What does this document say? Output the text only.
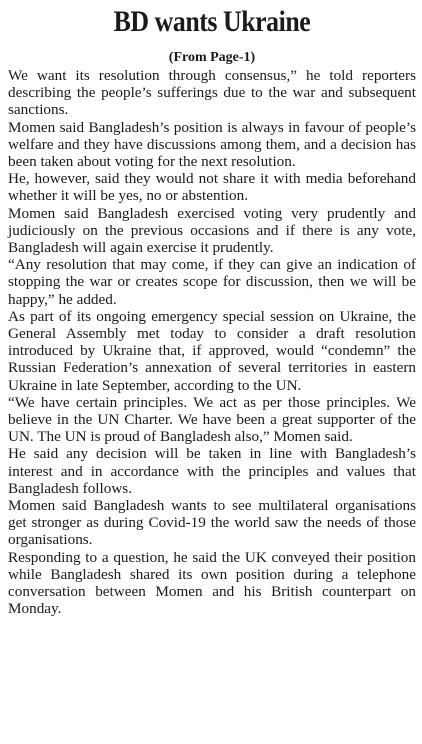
BD wants Ukraine
(From Page-1)

We want its resolution through consensus,” he told reporters describing the people’s sufferings due to the war and subsequent sanctions.

Momen said Bangladesh’s position is always in favour of people’s welfare and they have discussions among them, and a decision has been taken about voting for the next resolution.

He, however, said they would not share it with media beforehand whether it will be yes, no or abstention.

Momen said Bangladesh exercised voting very prudently and judiciously on the previous occasions and if there is any vote, Bangladesh will again exercise it prudently.

“Any resolution that may come, if they can give an indication of stopping the war or creates scope for discussion, then we will be happy,” he added.

As part of its ongoing emergency special session on Ukraine, the General Assembly met today to consider a draft resolution introduced by Ukraine that, if approved, would “condemn” the Russian Federation’s annexation of several territories in eastern Ukraine in late September, according to the UN.

“We have certain principles. We act as per those principles. We believe in the UN Charter. We have been a great supporter of the UN. The UN is proud of Bangladesh also,” Momen said.

He said any decision will be taken in line with Bangladesh’s interest and in accordance with the principles and values that Bangladesh follows.

Momen said Bangladesh wants to see multilateral organisations get stronger as during Covid-19 the world saw the needs of those organisations.

Responding to a question, he said the UK conveyed their position while Bangladesh shared its own position during a telephone conversation between Momen and his British counterpart on Monday.
